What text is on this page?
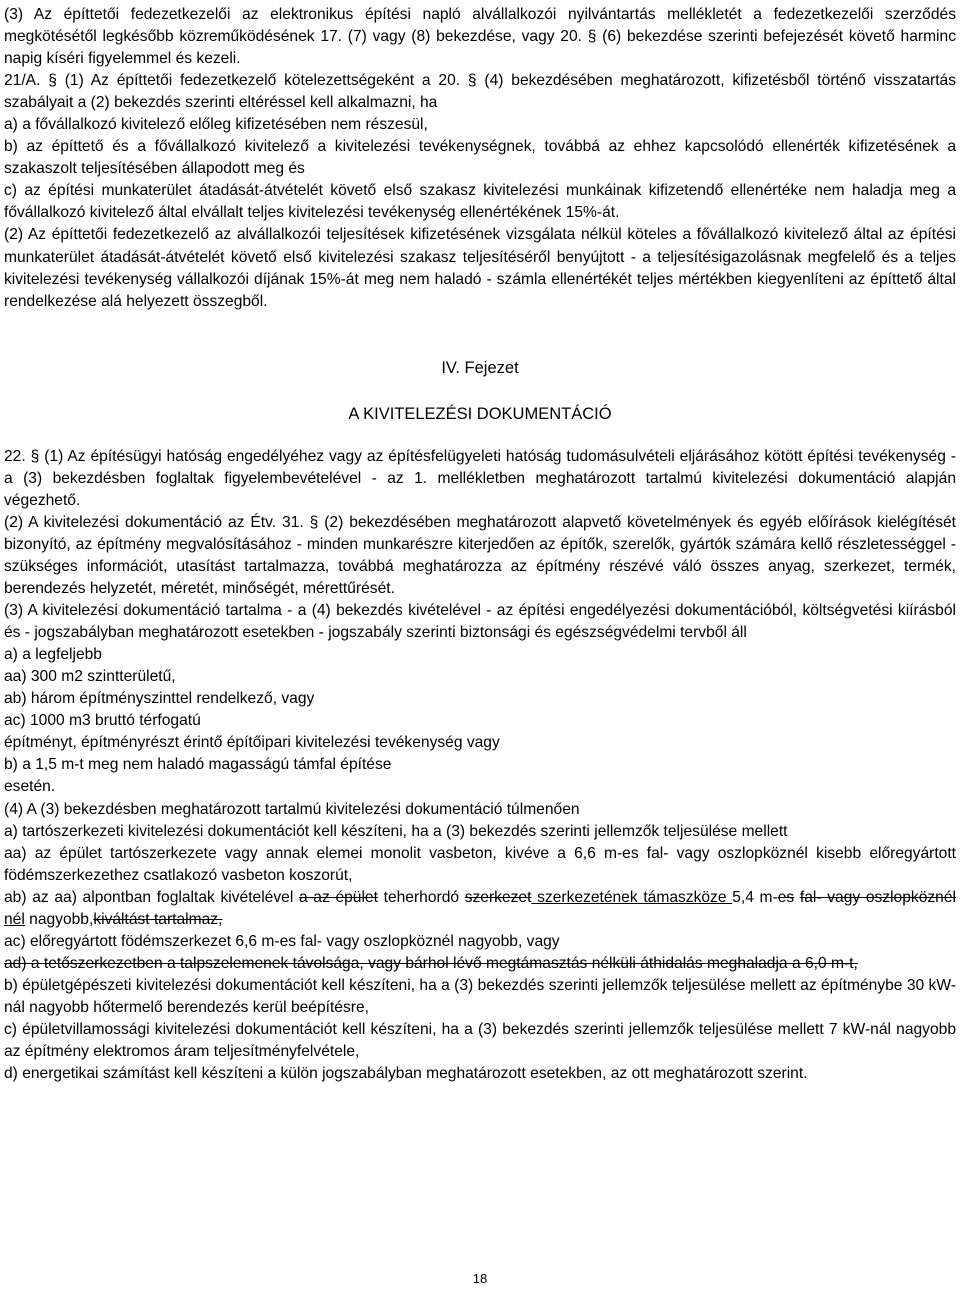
(3) Az építtetői fedezetkezelői az elektronikus építési napló alvállalkozói nyilvántartás mellékletét a fedezetkezelői szerződés megkötésétől legkésőbb közreműködésének 17. (7) vagy (8) bekezdése, vagy 20. § (6) bekezdése szerinti befejezését követő harminc napig kíséri figyelemmel és kezeli.

21/A. § (1) Az építtetői fedezetkezelő kötelezettségeként a 20. § (4) bekezdésében meghatározott, kifizetésből történő visszatartás szabályait a (2) bekezdés szerinti eltéréssel kell alkalmazni, ha

a) a fővállalkozó kivitelező előleg kifizetésében nem részesül,

b) az építtető és a fővállalkozó kivitelező a kivitelezési tevékenységnek, továbbá az ehhez kapcsolódó ellenérték kifizetésének a szakaszolt teljesítésében állapodott meg és

c) az építési munkaterület átadását-átvételét követő első szakasz kivitelezési munkáinak kifizetendő ellenértéke nem haladja meg a fővállalkozó kivitelező által elvállalt teljes kivitelezési tevékenység ellenértékének 15%-át.

(2) Az építtetői fedezetkezelő az alvállalkozói teljesítések kifizetésének vizsgálata nélkül köteles a fővállalkozó kivitelező által az építési munkaterület átadását-átvételét követő első kivitelezési szakasz teljesítéséről benyújtott - a teljesítésigazolásnak megfelelő és a teljes kivitelezési tevékenység vállalkozói díjának 15%-át meg nem haladó - számla ellenértékét teljes mértékben kiegyenlíteni az építtető által rendelkezése alá helyezett összegből.

IV. Fejezet

A KIVITELEZÉSI DOKUMENTÁCIÓ

22. § (1) Az építésügyi hatóság engedélyéhez vagy az építésfelügyeleti hatóság tudomásulvételi eljárásához kötött építési tevékenység - a (3) bekezdésben foglaltak figyelembevételével - az 1. mellékletben meghatározott tartalmú kivitelezési dokumentáció alapján végezhető.

(2) A kivitelezési dokumentáció az Étv. 31. § (2) bekezdésében meghatározott alapvető követelmények és egyéb előírások kielégítését bizonyító, az építmény megvalósításához - minden munkarészre kiterjedően az építők, szerelők, gyártók számára kellő részletességgel - szükséges információt, utasítást tartalmazza, továbbá meghatározza az építmény részévé váló összes anyag, szerkezet, termék, berendezés helyzetét, méretét, minőségét, mérettűrését.

(3) A kivitelezési dokumentáció tartalma - a (4) bekezdés kivételével - az építési engedélyezési dokumentációból, költségvetési kiírásból és - jogszabályban meghatározott esetekben - jogszabály szerinti biztonsági és egészségvédelmi tervből áll

a) a legfeljebb

aa) 300 m2 szintterületű,

ab) három építményszinttel rendelkező, vagy

ac) 1000 m3 bruttó térfogatú

építményt, építményrészt érintő építőipari kivitelezési tevékenység vagy

b) a 1,5 m-t meg nem haladó magasságú támfal építése

esetén.

(4) A (3) bekezdésben meghatározott tartalmú kivitelezési dokumentáció túlmenően

a) tartószerkezeti kivitelezési dokumentációt kell készíteni, ha a (3) bekezdés szerinti jellemzők teljesülése mellett

aa) az épület tartószerkezete vagy annak elemei monolit vasbeton, kivéve a 6,6 m-es fal- vagy oszlopköznél kisebb előregyártott födémszerkezethez csatlakozó vasbeton koszorút,

ab) az aa) alpontban foglaltak kivételével a az épület teherhordó szerkezet szerkezetének támaszköze 5,4 m-es fal- vagy oszlopköznél nél nagyobb,kiváltást tartalmaz,

ac) előregyártott födémszerkezet 6,6 m-es fal- vagy oszlopköznél nagyobb, vagy

ad) a tetőszerkezetben a talpszelemenek távolsága, vagy bárhol lévő megtámasztás nélküli áthidalás meghaladja a 6,0 m-t,

b) épületgépészeti kivitelezési dokumentációt kell készíteni, ha a (3) bekezdés szerinti jellemzők teljesülése mellett az építménybe 30 kW-nál nagyobb hőtermelő berendezés kerül beépítésre,

c) épületvillamossági kivitelezési dokumentációt kell készíteni, ha a (3) bekezdés szerinti jellemzők teljesülése mellett 7 kW-nál nagyobb az építmény elektromos áram teljesítményfelvétele,

d) energetikai számítást kell készíteni a külön jogszabályban meghatározott esetekben, az ott meghatározott szerint.

18
